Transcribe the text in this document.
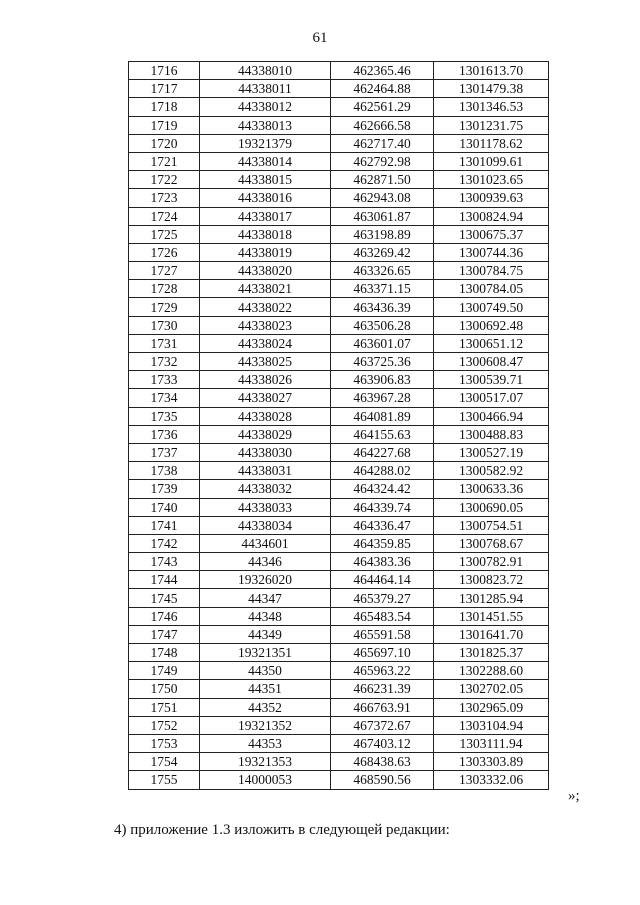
61
1716	44338010	462365.46	1301613.70
1717	44338011	462464.88	1301479.38
1718	44338012	462561.29	1301346.53
1719	44338013	462666.58	1301231.75
1720	19321379	462717.40	1301178.62
1721	44338014	462792.98	1301099.61
1722	44338015	462871.50	1301023.65
1723	44338016	462943.08	1300939.63
1724	44338017	463061.87	1300824.94
1725	44338018	463198.89	1300675.37
1726	44338019	463269.42	1300744.36
1727	44338020	463326.65	1300784.75
1728	44338021	463371.15	1300784.05
1729	44338022	463436.39	1300749.50
1730	44338023	463506.28	1300692.48
1731	44338024	463601.07	1300651.12
1732	44338025	463725.36	1300608.47
1733	44338026	463906.83	1300539.71
1734	44338027	463967.28	1300517.07
1735	44338028	464081.89	1300466.94
1736	44338029	464155.63	1300488.83
1737	44338030	464227.68	1300527.19
1738	44338031	464288.02	1300582.92
1739	44338032	464324.42	1300633.36
1740	44338033	464339.74	1300690.05
1741	44338034	464336.47	1300754.51
1742	4434601	464359.85	1300768.67
1743	44346	464383.36	1300782.91
1744	19326020	464464.14	1300823.72
1745	44347	465379.27	1301285.94
1746	44348	465483.54	1301451.55
1747	44349	465591.58	1301641.70
1748	19321351	465697.10	1301825.37
1749	44350	465963.22	1302288.60
1750	44351	466231.39	1302702.05
1751	44352	466763.91	1302965.09
1752	19321352	467372.67	1303104.94
1753	44353	467403.12	1303111.94
1754	19321353	468438.63	1303303.89
1755	14000053	468590.56	1303332.06
»;
4) приложение 1.3 изложить в следующей редакции:
